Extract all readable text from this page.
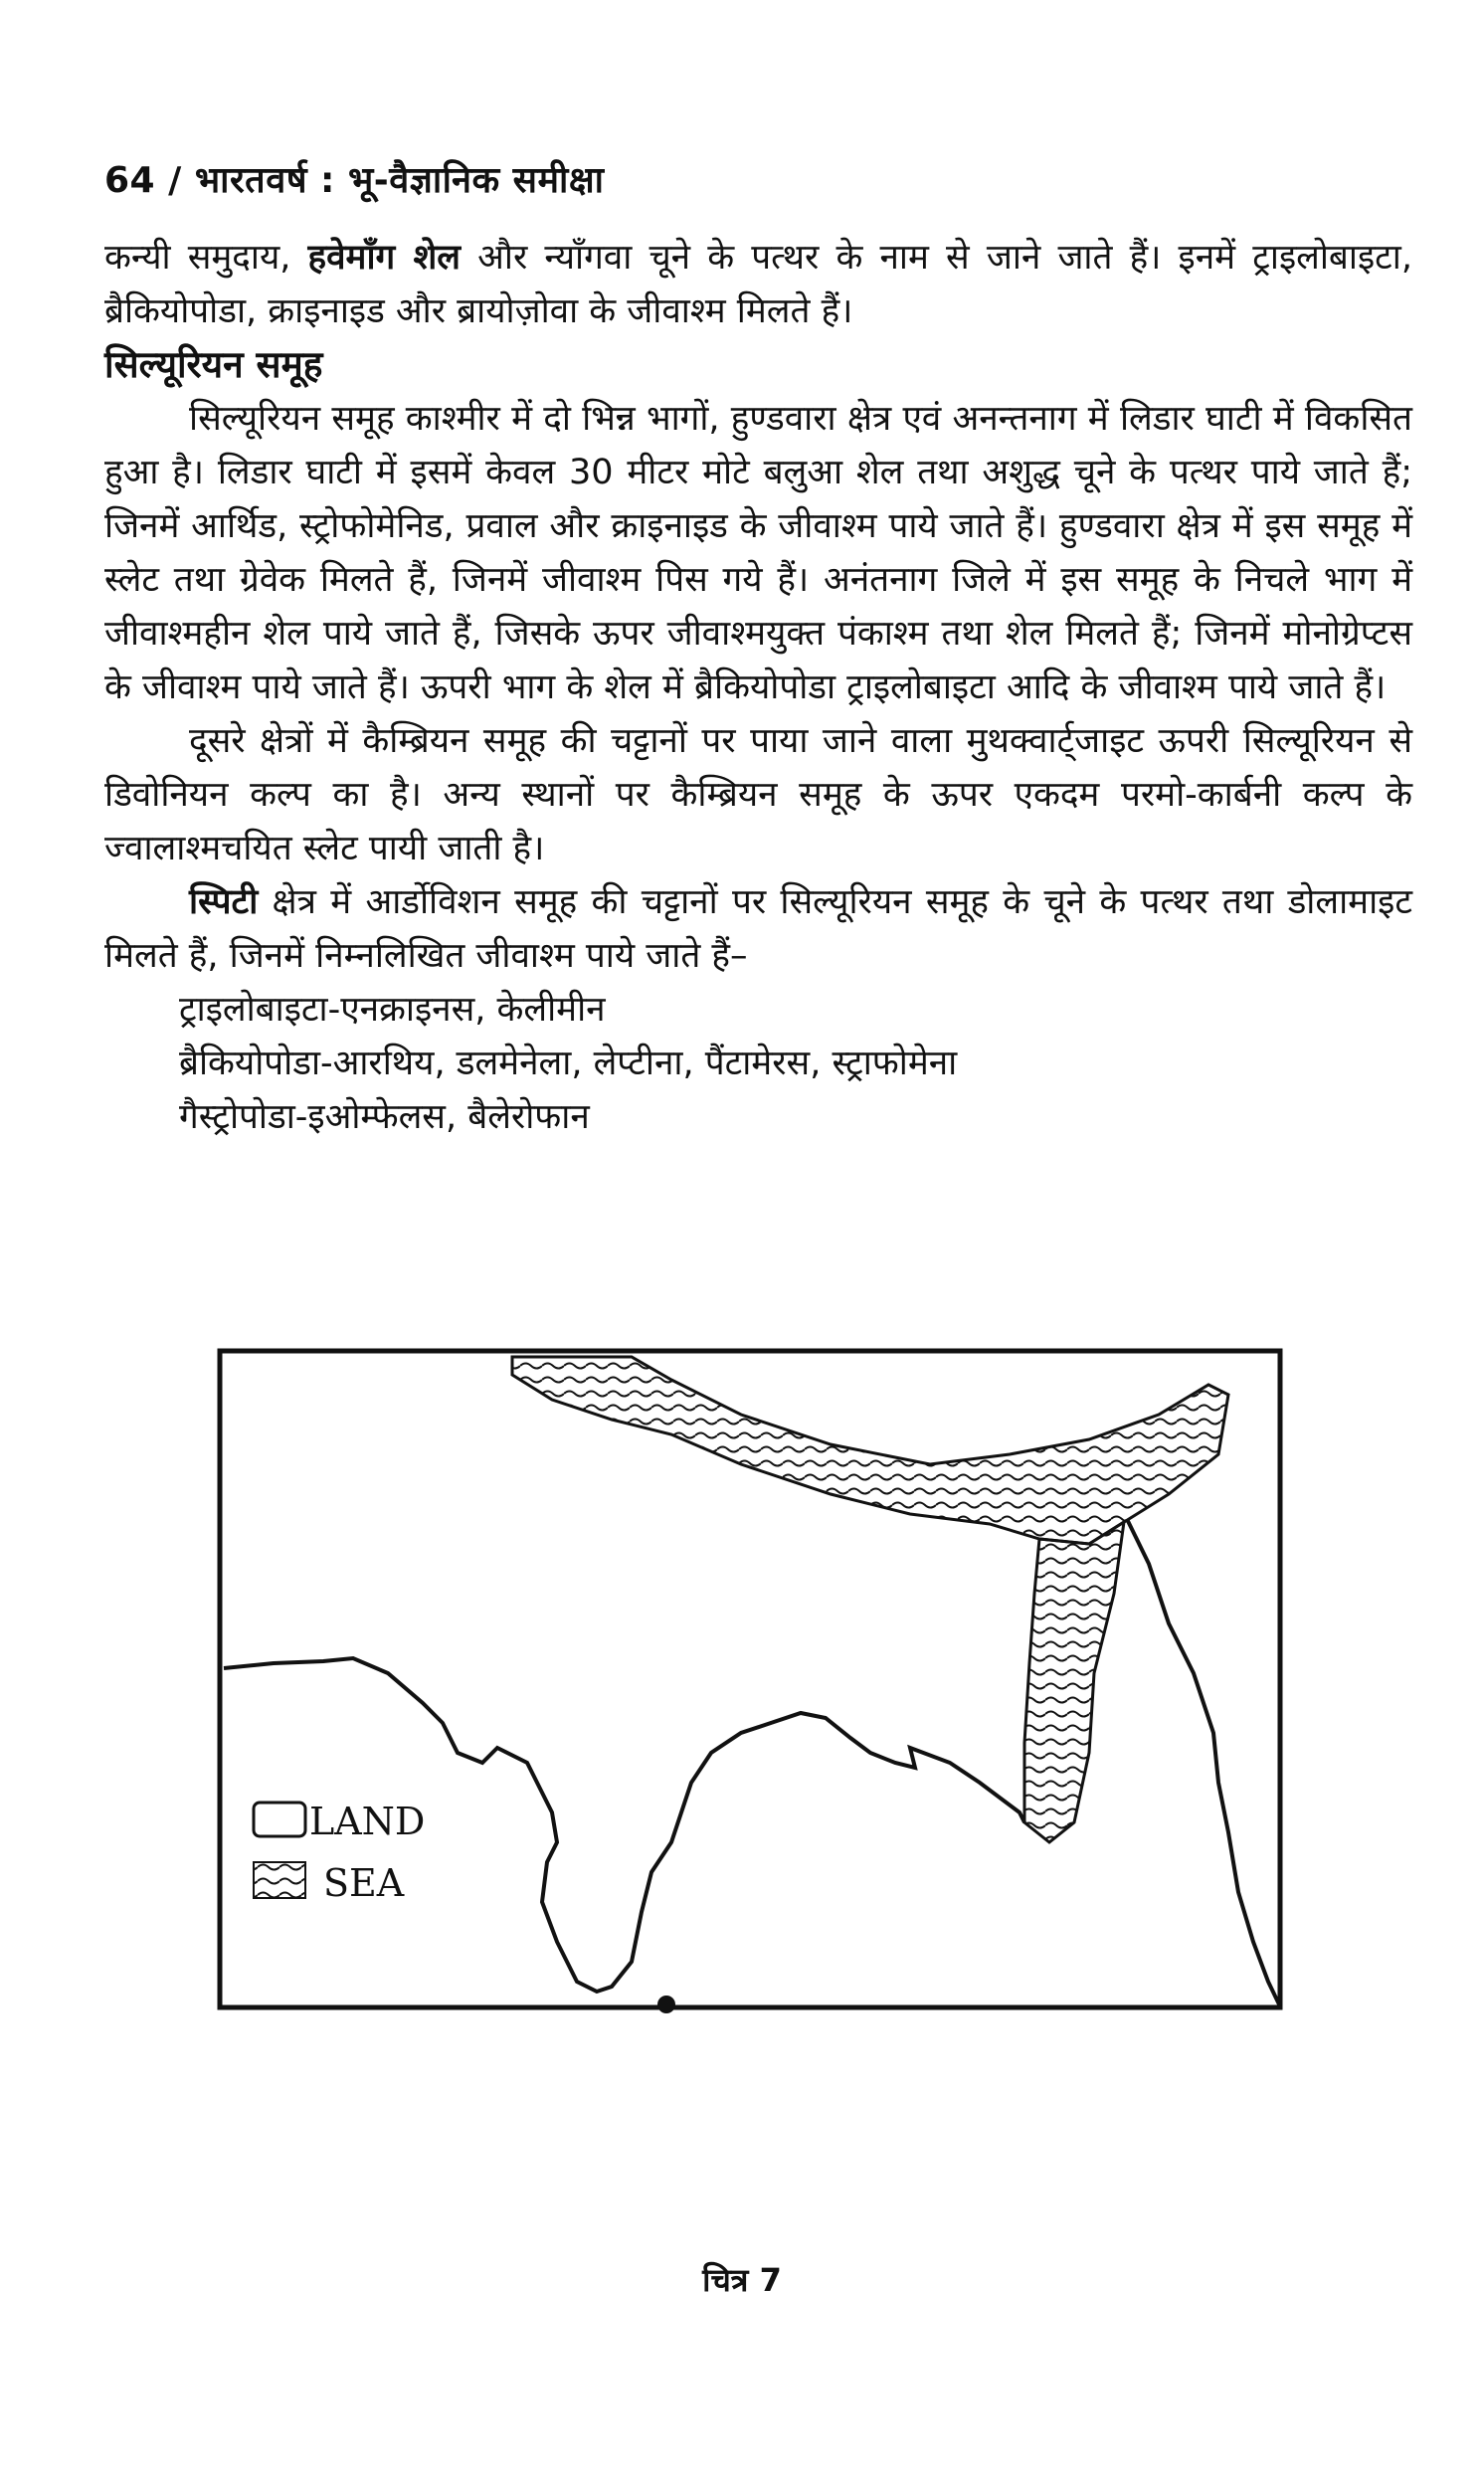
64 / भारतवर्ष : भू-वैज्ञानिक समीक्षा

कन्यी समुदाय, हवेमाँग शेल और न्याँगवा चूने के पत्थर के नाम से जाने जाते हैं। इनमें ट्राइलोबाइटा, ब्रैकियोपोडा, क्राइनाइड और ब्रायोज़ोवा के जीवाश्म मिलते हैं।

सिल्यूरियन समूह

सिल्यूरियन समूह काश्मीर में दो भिन्न भागों, हुण्डवारा क्षेत्र एवं अनन्तनाग में लिडार घाटी में विकसित हुआ है। लिडार घाटी में इसमें केवल 30 मीटर मोटे बलुआ शेल तथा अशुद्ध चूने के पत्थर पाये जाते हैं; जिनमें आर्थिड, स्ट्रोफोमेनिड, प्रवाल और क्राइनाइड के जीवाश्म पाये जाते हैं। हुण्डवारा क्षेत्र में इस समूह में स्लेट तथा ग्रेवेक मिलते हैं, जिनमें जीवाश्म पिस गये हैं। अनंतनाग जिले में इस समूह के निचले भाग में जीवाश्महीन शेल पाये जाते हैं, जिसके ऊपर जीवाश्मयुक्त पंकाश्म तथा शेल मिलते हैं; जिनमें मोनोग्रेप्टस के जीवाश्म पाये जाते हैं। ऊपरी भाग के शेल में ब्रैकियोपोडा ट्राइलोबाइटा आदि के जीवाश्म पाये जाते हैं।

दूसरे क्षेत्रों में कैम्ब्रियन समूह की चट्टानों पर पाया जाने वाला मुथक्वार्ट्जाइट ऊपरी सिल्यूरियन से डिवोनियन कल्प का है। अन्य स्थानों पर कैम्ब्रियन समूह के ऊपर एकदम परमो-कार्बनी कल्प के ज्वालाश्मचयित स्लेट पायी जाती है।

स्पिटी क्षेत्र में आर्डोविशन समूह की चट्टानों पर सिल्यूरियन समूह के चूने के पत्थर तथा डोलामाइट मिलते हैं, जिनमें निम्नलिखित जीवाश्म पाये जाते हैं–

ट्राइलोबाइटा-एनक्राइनस, केलीमीन

ब्रैकियोपोडा-आरथिय, डलमेनेला, लेप्टीना, पैंटामेरस, स्ट्राफोमेना

गैस्ट्रोपोडा-इओम्फेलस, बैलेरोफान

LAND
SEA
चित्र 7
